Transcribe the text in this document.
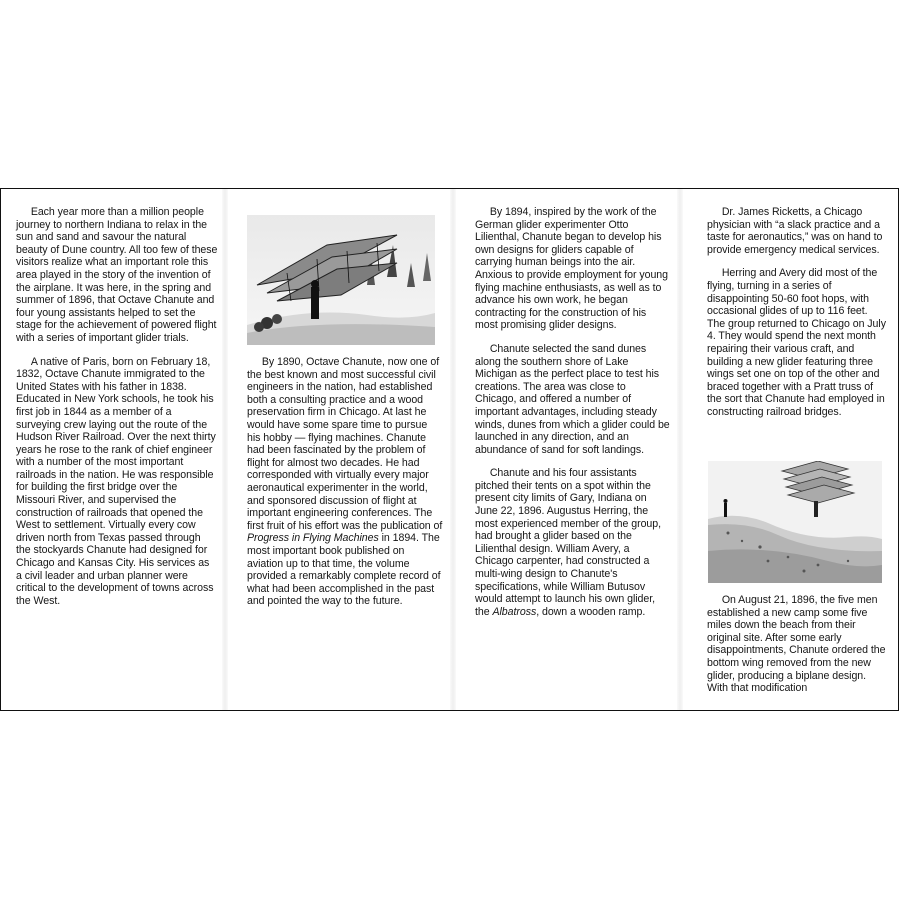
Each year more than a million people journey to northern Indiana to relax in the sun and sand and savour the natural beauty of Dune country. All too few of these visitors realize what an important role this area played in the story of the invention of the airplane. It was here, in the spring and summer of 1896, that Octave Chanute and four young assistants helped to set the stage for the achievement of powered flight with a series of important glider trials.

A native of Paris, born on February 18, 1832, Octave Chanute immigrated to the United States with his father in 1838. Educated in New York schools, he took his first job in 1844 as a member of a surveying crew laying out the route of the Hudson River Railroad. Over the next thirty years he rose to the rank of chief engineer with a number of the most important railroads in the nation. He was responsible for building the first bridge over the Missouri River, and supervised the construction of railroads that opened the West to settlement. Virtually every cow driven north from Texas passed through the stockyards Chanute had designed for Chicago and Kansas City. His services as a civil leader and urban planner were critical to the development of towns across the West.

By 1890, Octave Chanute, now one of the best known and most successful civil engineers in the nation, had established both a consulting practice and a wood preservation firm in Chicago. At last he would have some spare time to pursue his hobby — flying machines. Chanute had been fascinated by the problem of flight for almost two decades. He had corresponded with virtually every major aeronautical experimenter in the world, and sponsored discussion of flight at important engineering conferences. The first fruit of his effort was the publication of Progress in Flying Machines in 1894. The most important book published on aviation up to that time, the volume provided a remarkably complete record of what had been accomplished in the past and pointed the way to the future.

By 1894, inspired by the work of the German glider experimenter Otto Lilienthal, Chanute began to develop his own designs for gliders capable of carrying human beings into the air. Anxious to provide employment for young flying machine enthusiasts, as well as to advance his own work, he began contracting for the construction of his most promising glider designs.

Chanute selected the sand dunes along the southern shore of Lake Michigan as the perfect place to test his creations. The area was close to Chicago, and offered a number of important advantages, including steady winds, dunes from which a glider could be launched in any direction, and an abundance of sand for soft landings.

Chanute and his four assistants pitched their tents on a spot within the present city limits of Gary, Indiana on June 22, 1896. Augustus Herring, the most experienced member of the group, had brought a glider based on the Lilienthal design. William Avery, a Chicago carpenter, had constructed a multi-wing design to Chanute's specifications, while William Butusov would attempt to launch his own glider, the Albatross, down a wooden ramp.

Dr. James Ricketts, a Chicago physician with “a slack practice and a taste for aeronautics,” was on hand to provide emergency medical services.

Herring and Avery did most of the flying, turning in a series of disappointing 50-60 foot hops, with occasional glides of up to 116 feet. The group returned to Chicago on July 4. They would spend the next month repairing their various craft, and building a new glider featuring three wings set one on top of the other and braced together with a Pratt truss of the sort that Chanute had employed in constructing railroad bridges.

On August 21, 1896, the five men established a new camp some five miles down the beach from their original site. After some early disappointments, Chanute ordered the bottom wing removed from the new glider, producing a biplane design. With that modification
